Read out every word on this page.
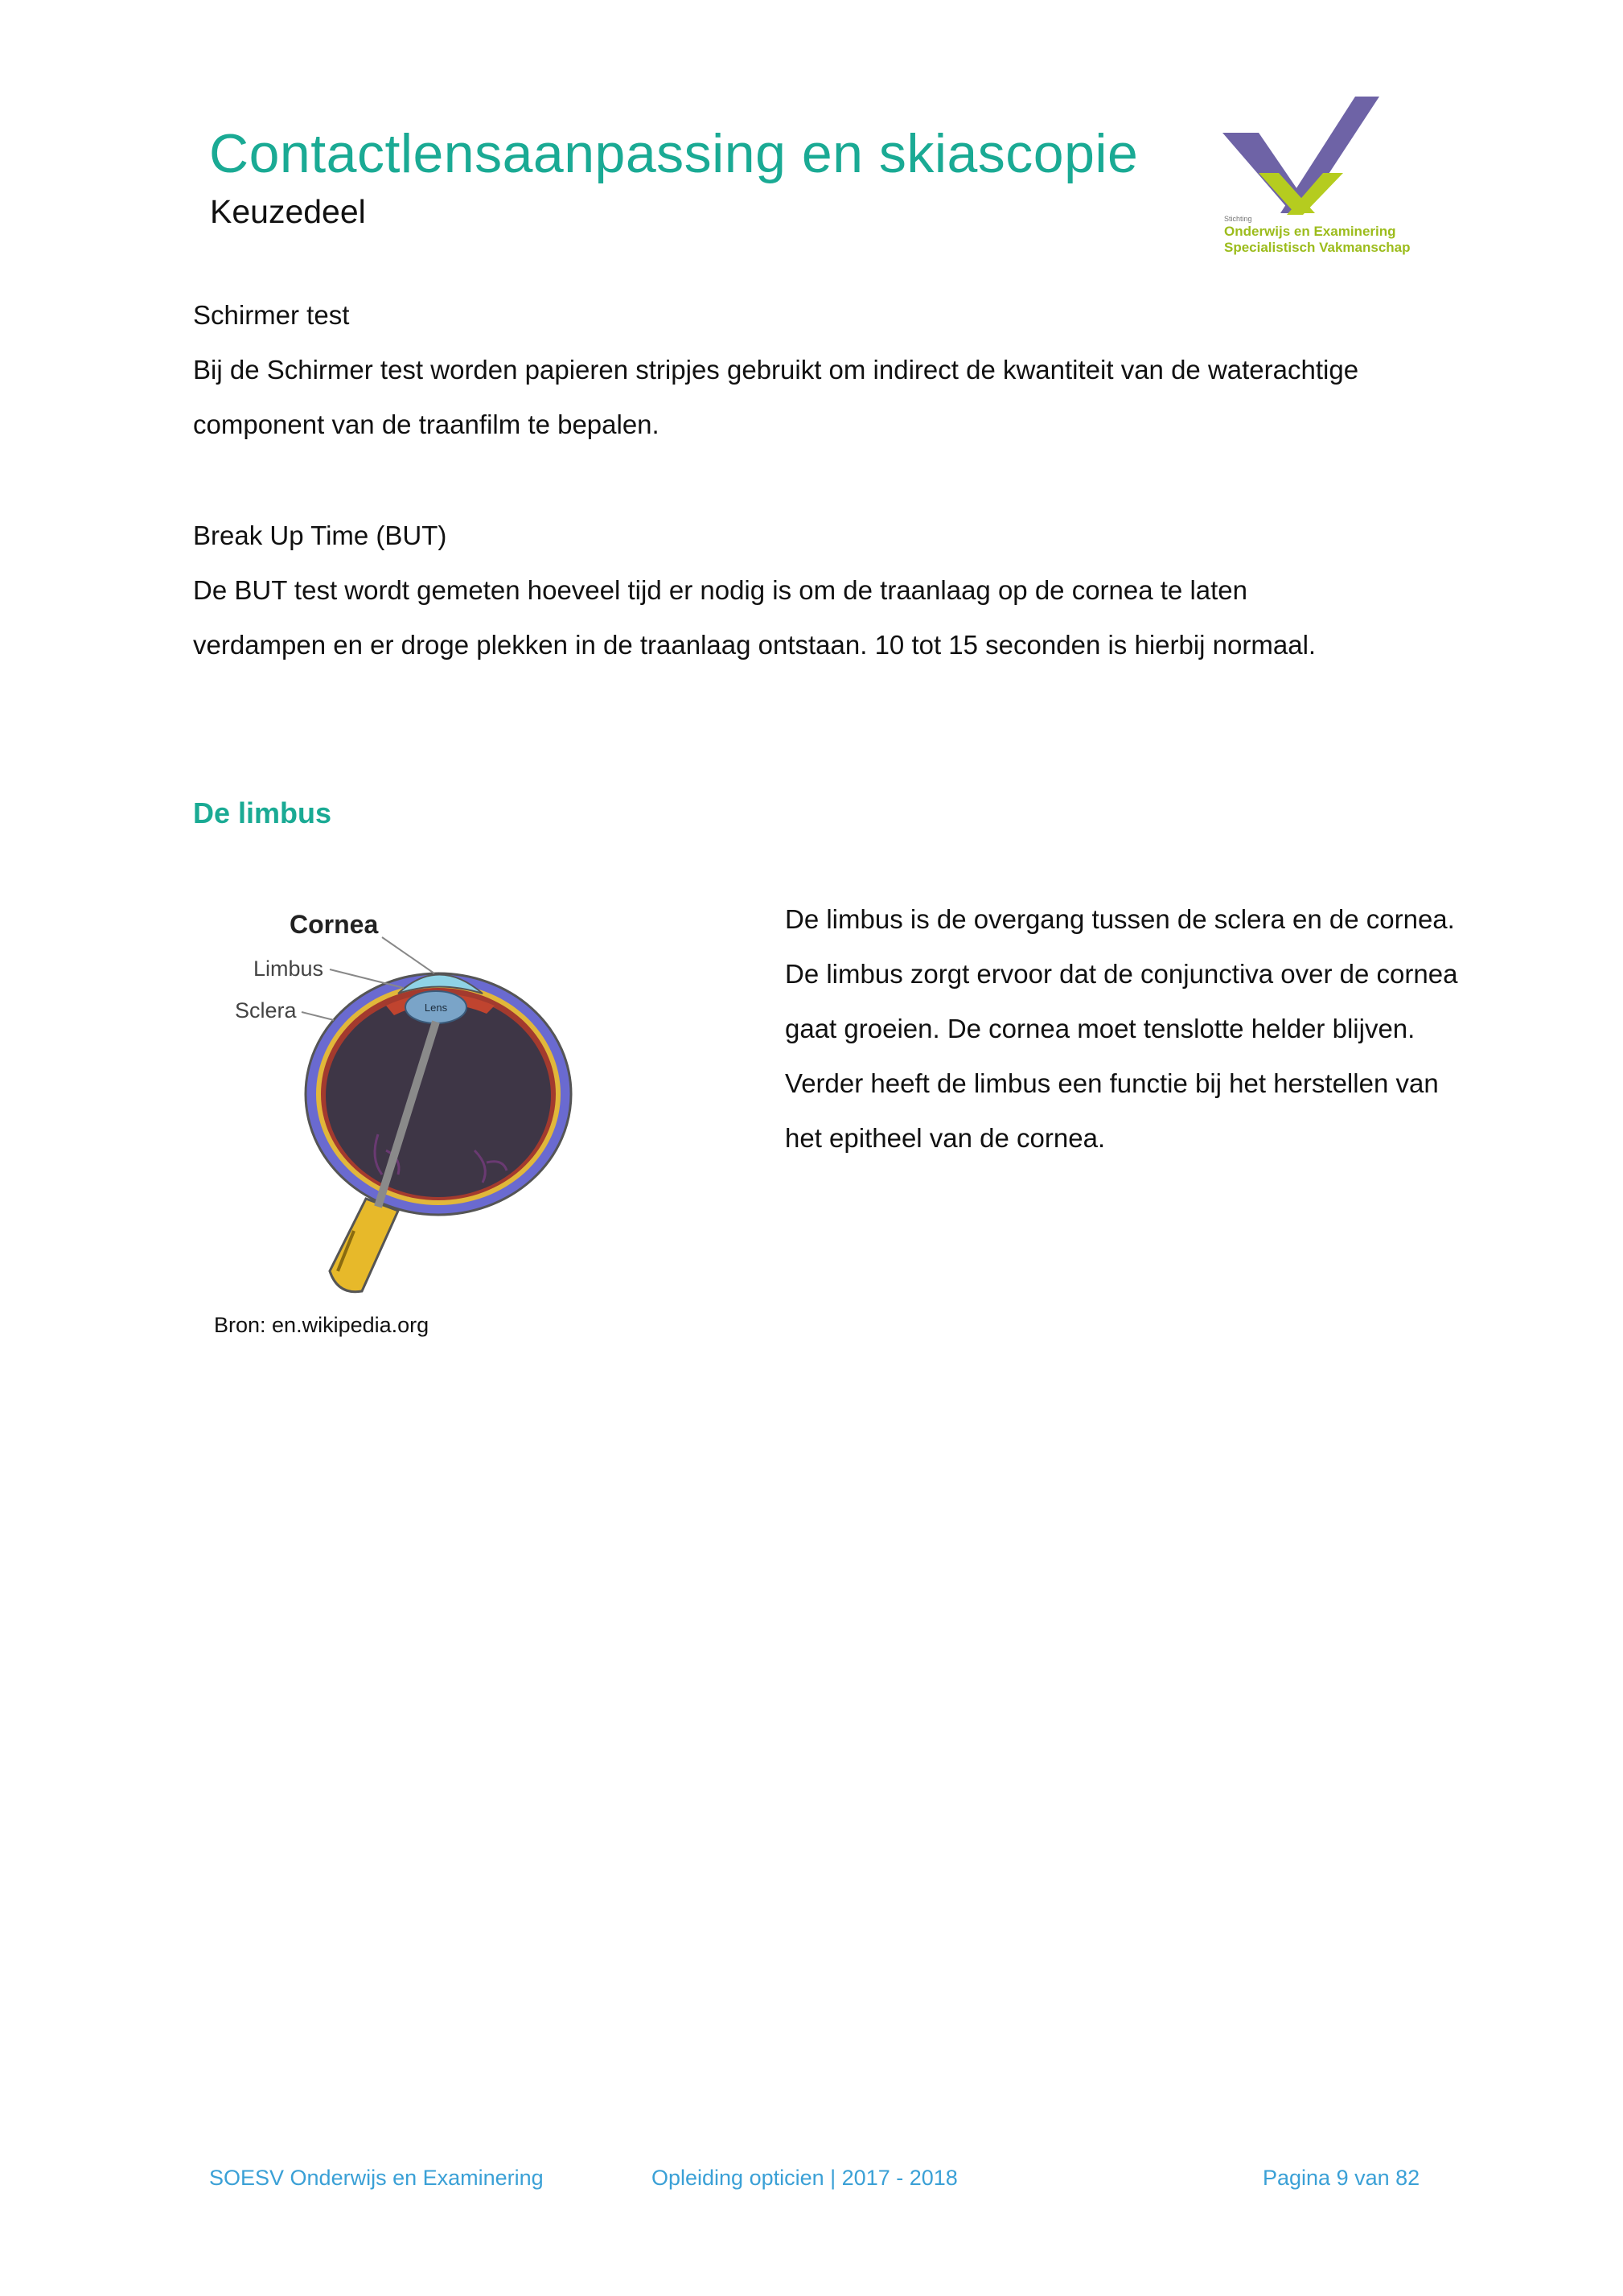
Contactlensaanpassing en skiascopie
Keuzedeel	Stichting
Onderwijs en Examinering
Specialistisch Vakmanschap
Schirmer test
Bij de Schirmer test worden papieren stripjes gebruikt om indirect de kwantiteit van de waterachtige
component van de traanfilm te bepalen.
Break Up Time (BUT)
De BUT test wordt gemeten hoeveel tijd er nodig is om de traanlaag op de cornea te laten
verdampen en er droge plekken in de traanlaag ontstaan. 10 tot 15 seconden is hierbij normaal.
De limbus
Lens
Cornea
Limbus
Sclera
Bron: en.wikipedia.org
De limbus is de overgang tussen de sclera en de cornea.
De limbus zorgt ervoor dat de conjunctiva over de cornea
gaat groeien. De cornea moet tenslotte helder blijven.
Verder heeft de limbus een functie bij het herstellen van
het epitheel van de cornea.
SOESV Onderwijs en Examinering	Opleiding opticien | 2017 - 2018	Pagina 9 van 82
